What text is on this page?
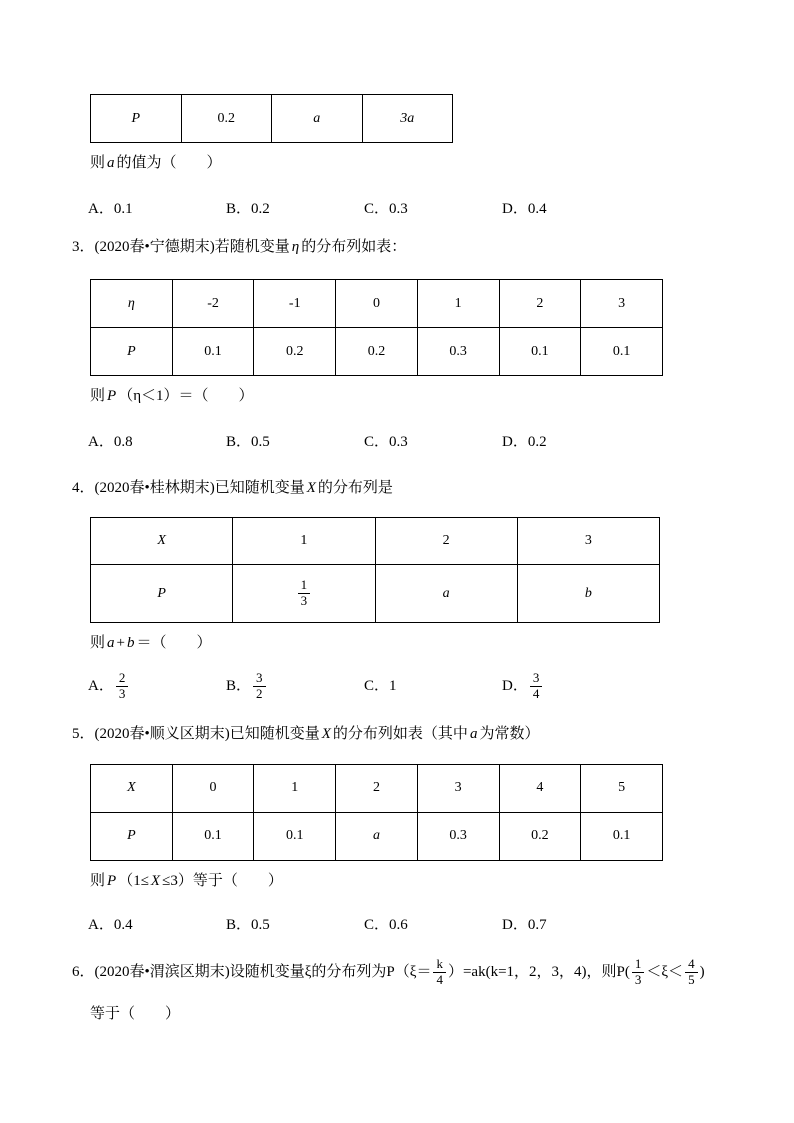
P	0.2	a	3a

则 a 的值为（　　）

A．0.1	B．0.2	C．0.3	D．0.4

3．(2020春•宁德期末)若随机变量 η 的分布列如表：

η	-2	-1	0	1	2	3
P	0.1	0.2	0.2	0.3	0.1	0.1

则 P （η＜1）＝（　　）

A．0.8	B．0.5	C．0.3	D．0.2

4．(2020春•桂林期末)已知随机变量 X 的分布列是

X	1	2	3
P	$\frac{1}{3}$	a	b

则 a + b ＝（　　）

A． $\frac{2}{3}$	B． $\frac{3}{2}$	C．1	D． $\frac{3}{4}$

5．(2020春•顺义区期末)已知随机变量 X 的分布列如表（其中 a 为常数）

X	0	1	2	3	4	5
P	0.1	0.1	a	0.3	0.2	0.1

则 P （1≤ X ≤3）等于（　　）

A．0.4	B．0.5	C．0.6	D．0.7

6．(2020春•渭滨区期末)设随机变量ξ的分布列为$P(\xi= \frac{k}{4} )=ak(k=1$，2，3，4)，则$P( \frac{1}{3} <\xi< \frac{4}{5}$ )

等于（　　）
